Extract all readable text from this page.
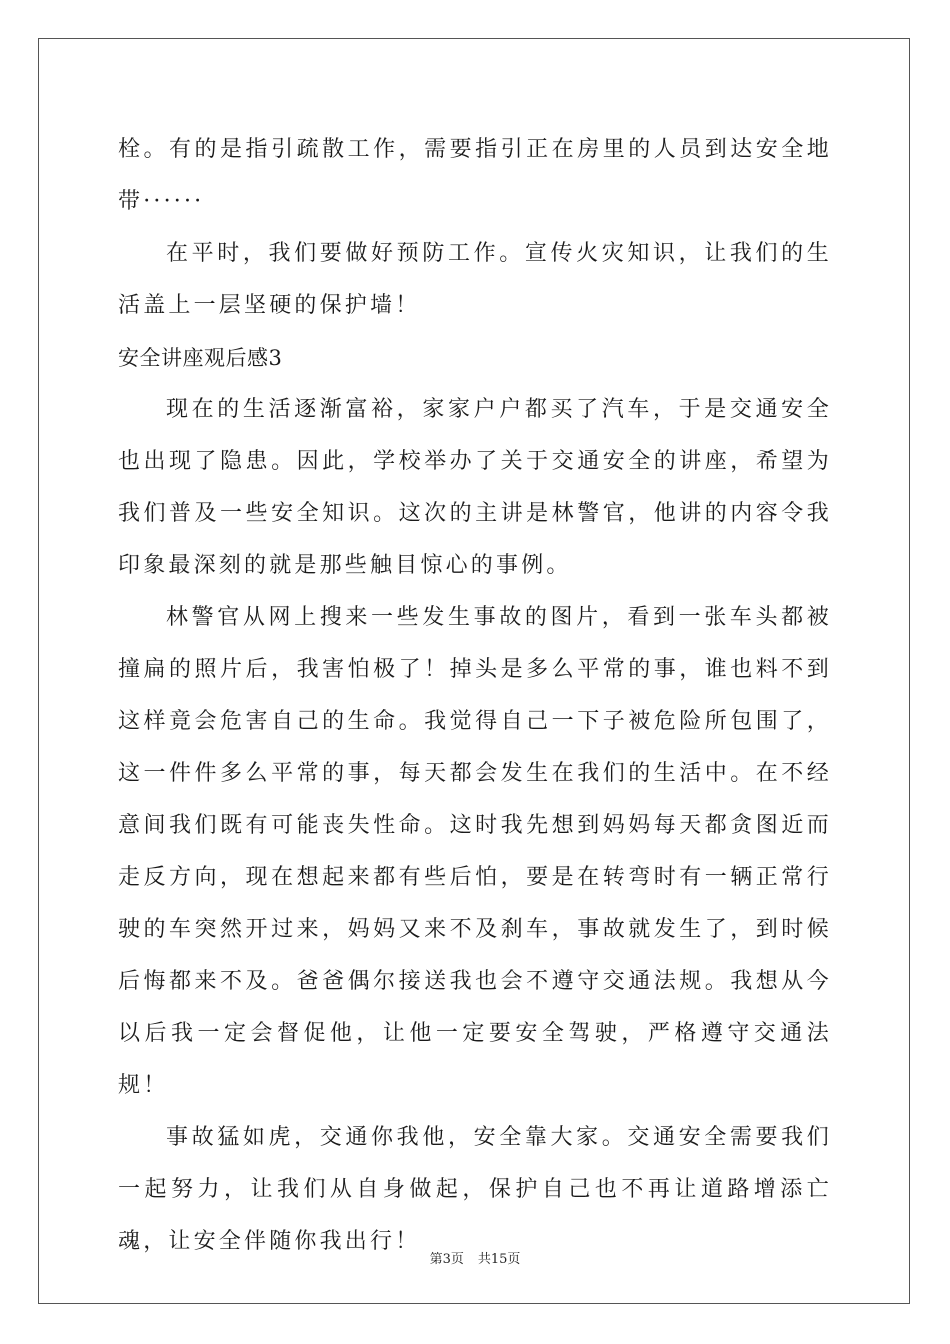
栓。有的是指引疏散工作，需要指引正在房里的人员到达安全地带······

在平时，我们要做好预防工作。宣传火灾知识，让我们的生活盖上一层坚硬的保护墙！

安全讲座观后感3

现在的生活逐渐富裕，家家户户都买了汽车，于是交通安全也出现了隐患。因此，学校举办了关于交通安全的讲座，希望为我们普及一些安全知识。这次的主讲是林警官，他讲的内容令我印象最深刻的就是那些触目惊心的事例。

林警官从网上搜来一些发生事故的图片，看到一张车头都被撞扁的照片后，我害怕极了！掉头是多么平常的事，谁也料不到这样竟会危害自己的生命。我觉得自己一下子被危险所包围了，这一件件多么平常的事，每天都会发生在我们的生活中。在不经意间我们既有可能丧失性命。这时我先想到妈妈每天都贪图近而走反方向，现在想起来都有些后怕，要是在转弯时有一辆正常行驶的车突然开过来，妈妈又来不及刹车，事故就发生了，到时候后悔都来不及。爸爸偶尔接送我也会不遵守交通法规。我想从今以后我一定会督促他，让他一定要安全驾驶，严格遵守交通法规！

事故猛如虎，交通你我他，安全靠大家。交通安全需要我们一起努力，让我们从自身做起，保护自己也不再让道路增添亡魂，让安全伴随你我出行！

第3页 共15页
